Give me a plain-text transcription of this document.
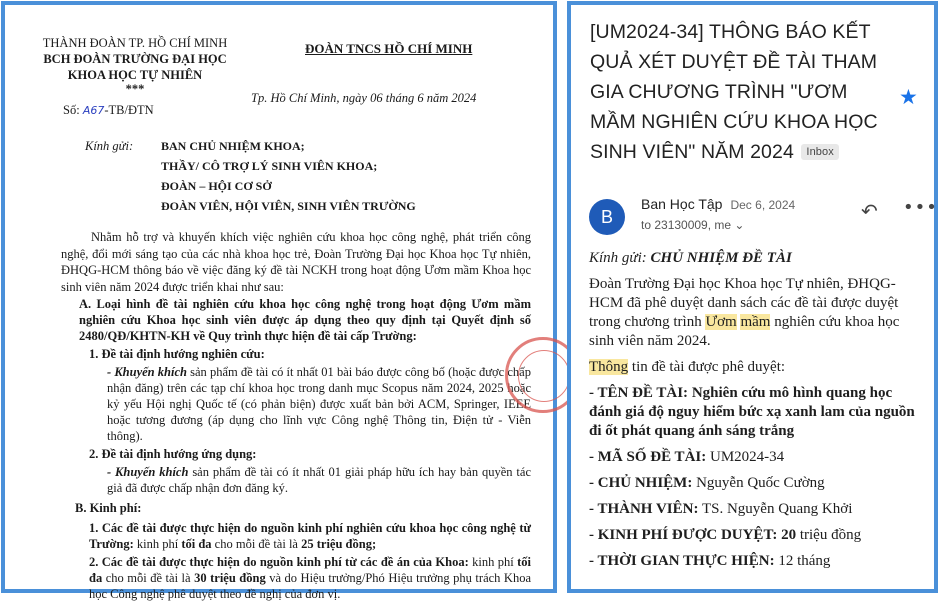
THÀNH ĐOÀN TP. HỒ CHÍ MINH
BCH ĐOÀN TRƯỜNG ĐẠI HỌC
KHOA HỌC TỰ NHIÊN
***
ĐOÀN TNCS HỒ CHÍ MINH
Số: A67-TB/ĐTN
Tp. Hồ Chí Minh, ngày 06 tháng 6 năm 2024
Kính gửi: BAN CHỦ NHIỆM KHOA;
THẦY/ CÔ TRỢ LÝ SINH VIÊN KHOA;
ĐOÀN – HỘI CƠ SỞ
ĐOÀN VIÊN, HỘI VIÊN, SINH VIÊN TRƯỜNG
Nhằm hỗ trợ và khuyến khích việc nghiên cứu khoa học công nghệ, phát triển công nghệ, đổi mới sáng tạo của các nhà khoa học trẻ, Đoàn Trường Đại học Khoa học Tự nhiên, ĐHQG-HCM thông báo về việc đăng ký đề tài NCKH trong hoạt động Ươm mầm Khoa học sinh viên năm 2024 được triển khai như sau:
A. Loại hình đề tài nghiên cứu khoa học công nghệ trong hoạt động Ươm mầm nghiên cứu Khoa học sinh viên được áp dụng theo quy định tại Quyết định số 2480/QĐ/KHTN-KH về Quy trình thực hiện đề tài cấp Trường:
1. Đề tài định hướng nghiên cứu:
- Khuyến khích sản phẩm đề tài có ít nhất 01 bài báo được công bố (hoặc được chấp nhận đăng) trên các tạp chí khoa học trong danh mục Scopus năm 2024, 2025 hoặc kỷ yếu Hội nghị Quốc tế (có phản biện) được xuất bản bởi ACM, Springer, IEEE hoặc tương đương (áp dụng cho lĩnh vực Công nghệ Thông tin, Điện tử - Viễn thông).
2. Đề tài định hướng ứng dụng:
- Khuyến khích sản phẩm đề tài có ít nhất 01 giải pháp hữu ích hay bản quyền tác giả đã được chấp nhận đơn đăng ký.
B. Kinh phí:
1. Các đề tài được thực hiện do nguồn kinh phí nghiên cứu khoa học công nghệ từ Trường: kinh phí tối đa cho mỗi đề tài là 25 triệu đồng;
2. Các đề tài được thực hiện do nguồn kinh phí từ các đề án của Khoa: kinh phí tối đa cho mỗi đề tài là 30 triệu đồng và do Hiệu trưởng/Phó Hiệu trưởng phụ trách Khoa học Công nghệ phê duyệt theo đề nghị của đơn vị.
[UM2024-34] THÔNG BÁO KẾT QUẢ XÉT DUYỆT ĐỀ TÀI THAM GIA CHƯƠNG TRÌNH "ƯƠM MẦM NGHIÊN CỨU KHOA HỌC SINH VIÊN" NĂM 2024 Inbox
★
B
Ban Học Tập Dec 6, 2024
to 23130009, me ⌄
↶ •••

Kính gửi: CHỦ NHIỆM ĐỀ TÀI

Đoàn Trường Đại học Khoa học Tự nhiên, ĐHQG-HCM đã phê duyệt danh sách các đề tài được duyệt trong chương trình Ươm mầm nghiên cứu khoa học sinh viên năm 2024.

Thông tin đề tài được phê duyệt:

- TÊN ĐỀ TÀI: Nghiên cứu mô hình quang học đánh giá độ nguy hiểm bức xạ xanh lam của nguồn đi ốt phát quang ánh sáng trắng
- MÃ SỐ ĐỀ TÀI: UM2024-34
- CHỦ NHIỆM: Nguyễn Quốc Cường
- THÀNH VIÊN: TS. Nguyễn Quang Khởi
- KINH PHÍ ĐƯỢC DUYỆT: 20 triệu đồng
- THỜI GIAN THỰC HIỆN: 12 tháng
